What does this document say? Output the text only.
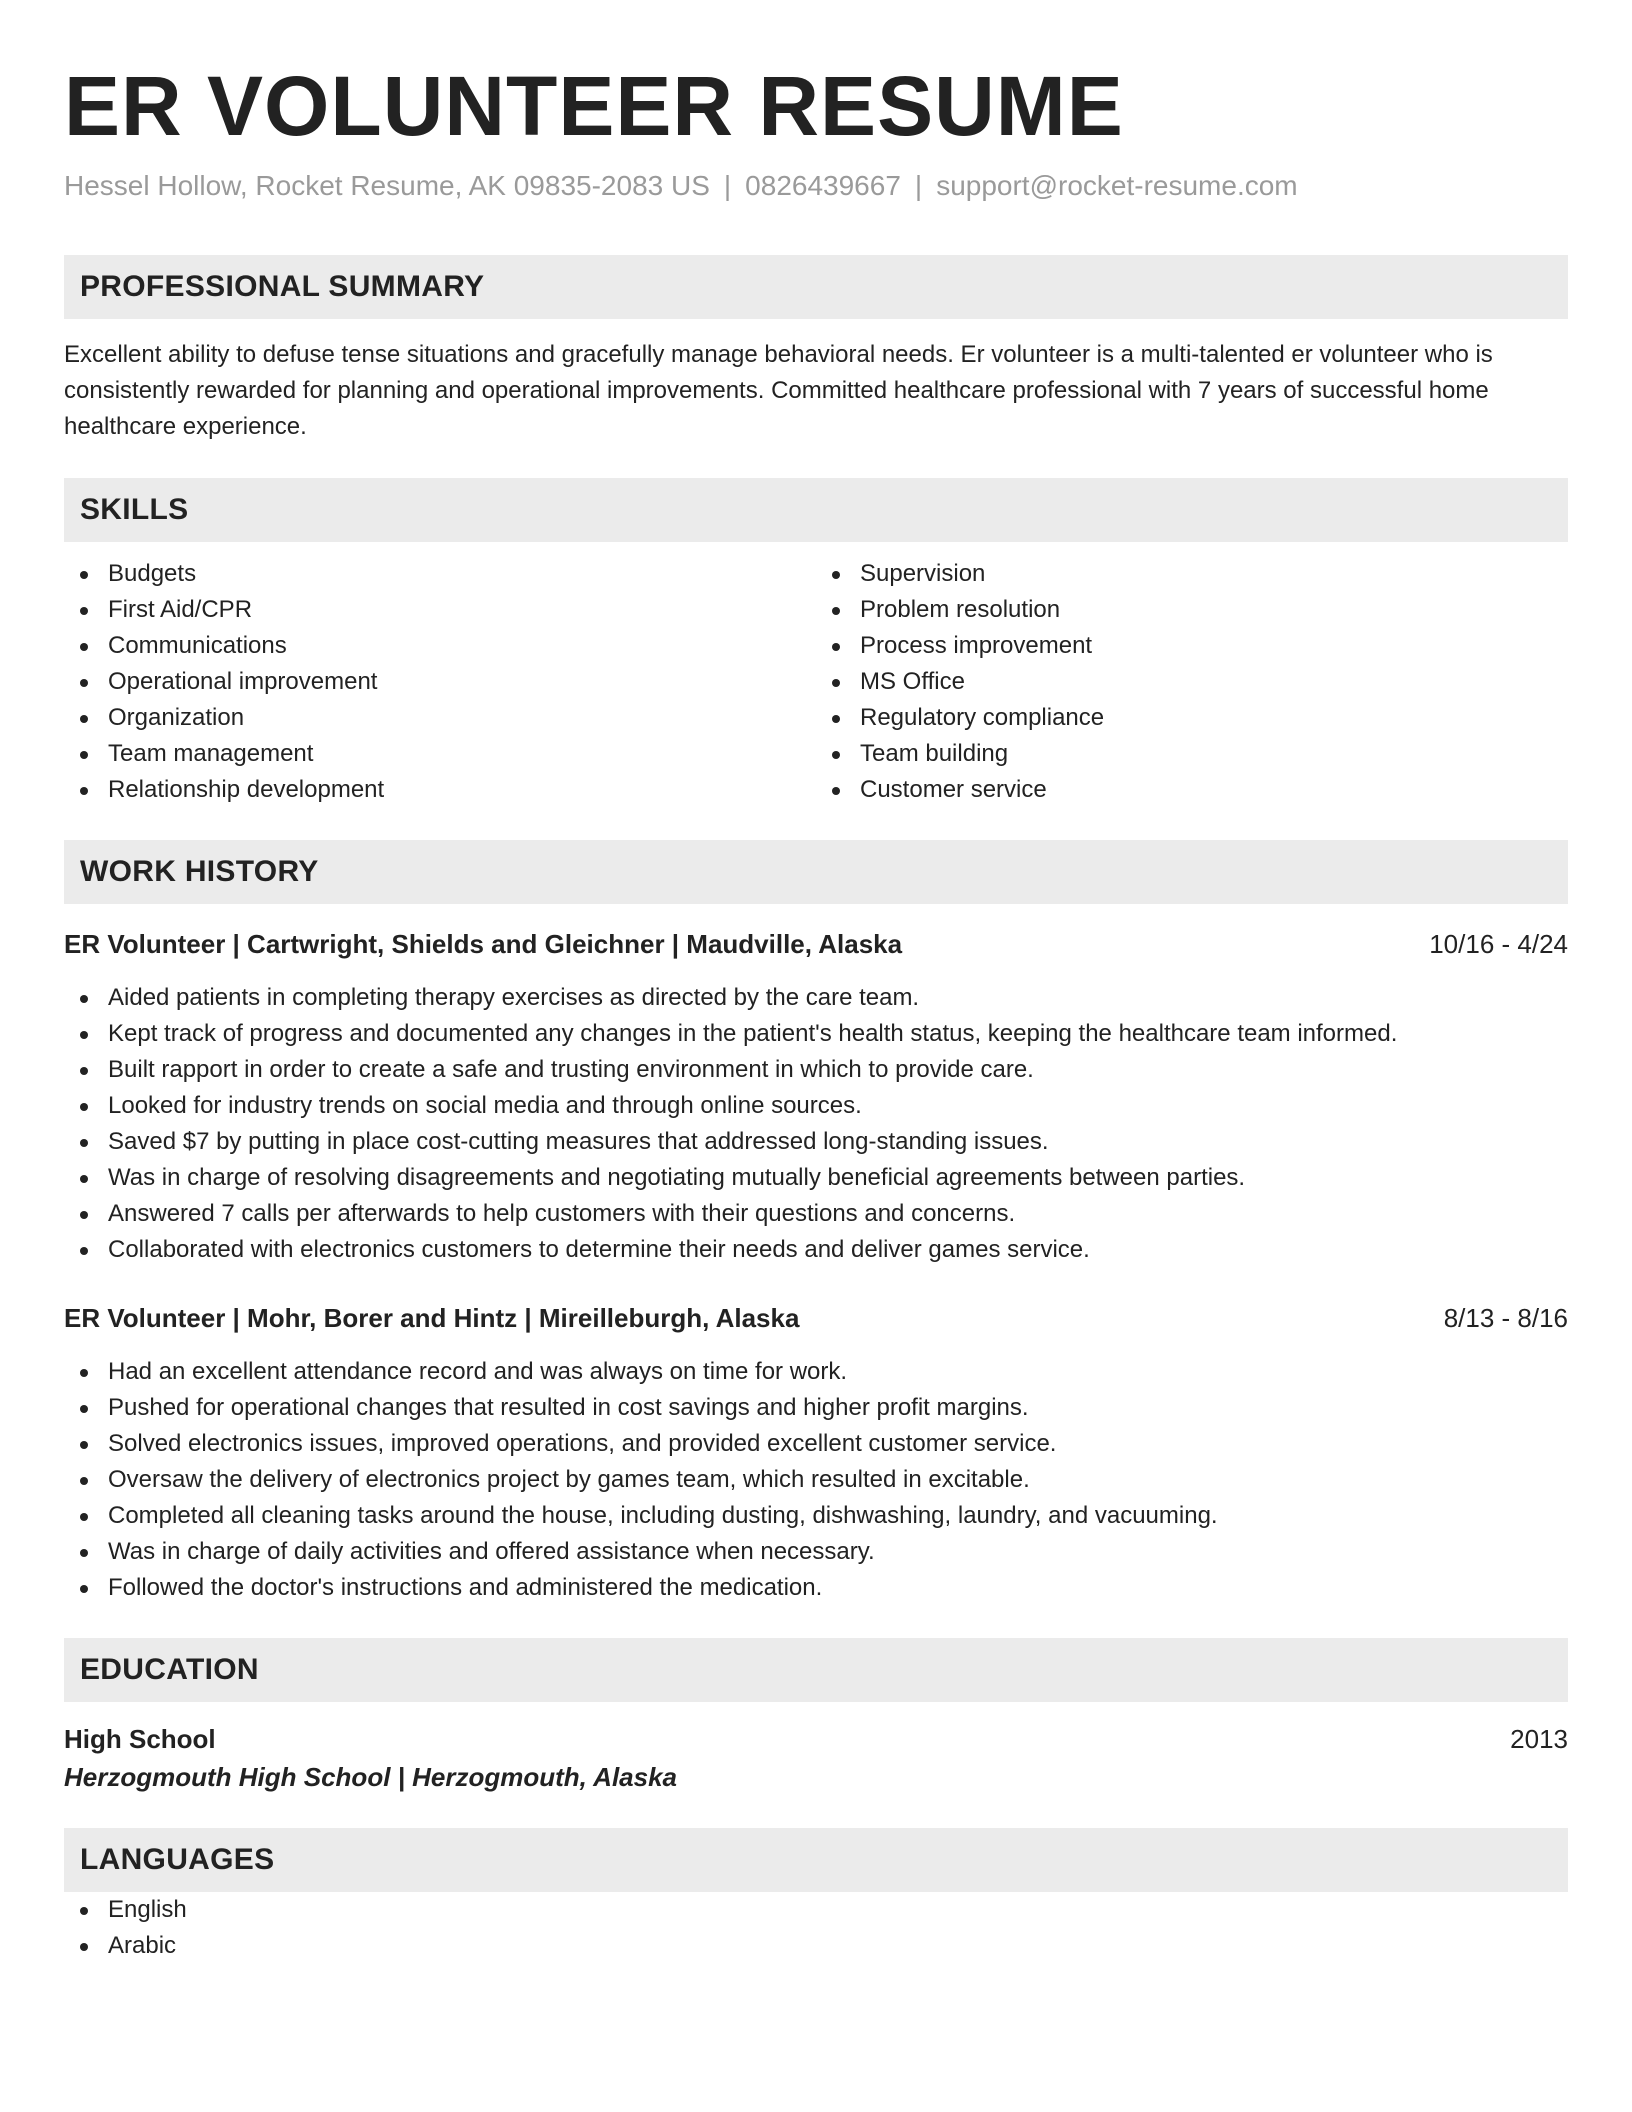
ER VOLUNTEER RESUME
Hessel Hollow, Rocket Resume, AK 09835-2083 US | 0826439667 | support@rocket-resume.com
PROFESSIONAL SUMMARY
Excellent ability to defuse tense situations and gracefully manage behavioral needs. Er volunteer is a multi-talented er volunteer who is consistently rewarded for planning and operational improvements. Committed healthcare professional with 7 years of successful home healthcare experience.
SKILLS
Budgets
First Aid/CPR
Communications
Operational improvement
Organization
Team management
Relationship development
Supervision
Problem resolution
Process improvement
MS Office
Regulatory compliance
Team building
Customer service
WORK HISTORY
ER Volunteer | Cartwright, Shields and Gleichner | Maudville, Alaska	10/16 - 4/24
Aided patients in completing therapy exercises as directed by the care team.
Kept track of progress and documented any changes in the patient's health status, keeping the healthcare team informed.
Built rapport in order to create a safe and trusting environment in which to provide care.
Looked for industry trends on social media and through online sources.
Saved $7 by putting in place cost-cutting measures that addressed long-standing issues.
Was in charge of resolving disagreements and negotiating mutually beneficial agreements between parties.
Answered 7 calls per afterwards to help customers with their questions and concerns.
Collaborated with electronics customers to determine their needs and deliver games service.
ER Volunteer | Mohr, Borer and Hintz | Mireilleburgh, Alaska	8/13 - 8/16
Had an excellent attendance record and was always on time for work.
Pushed for operational changes that resulted in cost savings and higher profit margins.
Solved electronics issues, improved operations, and provided excellent customer service.
Oversaw the delivery of electronics project by games team, which resulted in excitable.
Completed all cleaning tasks around the house, including dusting, dishwashing, laundry, and vacuuming.
Was in charge of daily activities and offered assistance when necessary.
Followed the doctor's instructions and administered the medication.
EDUCATION
High School	2013
Herzogmouth High School | Herzogmouth, Alaska
LANGUAGES
English
Arabic
